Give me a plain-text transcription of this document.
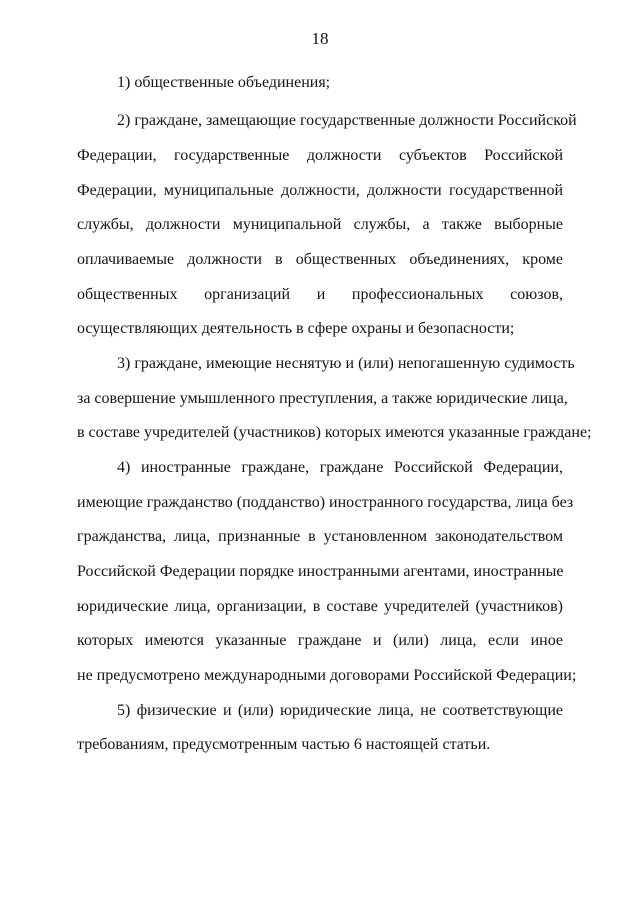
18
1) общественные объединения;
2) граждане, замещающие государственные должности Российской
Федерации, государственные должности субъектов Российской
Федерации, муниципальные должности, должности государственной
службы, должности муниципальной службы, а также выборные
оплачиваемые должности в общественных объединениях, кроме
общественных организаций и профессиональных союзов,
осуществляющих деятельность в сфере охраны и безопасности;
3) граждане, имеющие неснятую и (или) непогашенную судимость
за совершение умышленного преступления, а также юридические лица,
в составе учредителей (участников) которых имеются указанные граждане;
4) иностранные граждане, граждане Российской Федерации,
имеющие гражданство (подданство) иностранного государства, лица без
гражданства, лица, признанные в установленном законодательством
Российской Федерации порядке иностранными агентами, иностранные
юридические лица, организации, в составе учредителей (участников)
которых имеются указанные граждане и (или) лица, если иное
не предусмотрено международными договорами Российской Федерации;
5) физические и (или) юридические лица, не соответствующие
требованиям, предусмотренным частью 6 настоящей статьи.
